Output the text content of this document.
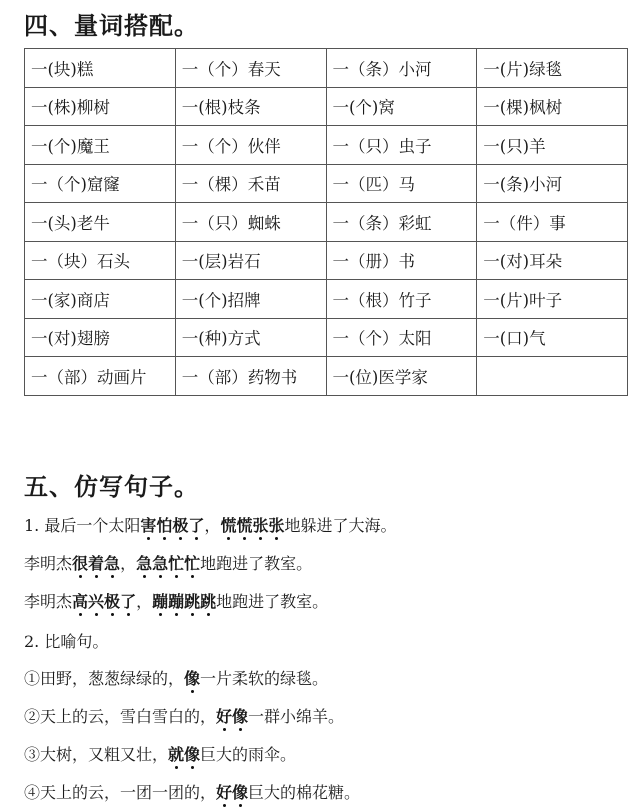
四、量词搭配。
一(块)糕	一（个）春天	一（条）小河	一(片)绿毯
一(株)柳树	一(根)枝条	一(个)窝	一(棵)枫树
一(个)魔王	一（个）伙伴	一（只）虫子	一(只)羊
一（个)窟窿	一（棵）禾苗	一（匹）马	一(条)小河
一(头)老牛	一（只）蜘蛛	一（条）彩虹	一（件）事
一（块）石头	一(层)岩石	一（册）书	一(对)耳朵
一(家)商店	一(个)招牌	一（根）竹子	一(片)叶子
一(对)翅膀	一(种)方式	一（个）太阳	一(口)气
一（部）动画片	一（部）药物书	一(位)医学家	
五、仿写句子。
1. 最后一个太阳害怕极了，慌慌张张地躲进了大海。
李明杰很着急，急急忙忙地跑进了教室。
李明杰高兴极了，蹦蹦跳跳地跑进了教室。
2. 比喻句。
①田野，葱葱绿绿的，像一片柔软的绿毯。
②天上的云，雪白雪白的，好像一群小绵羊。
③大树，又粗又壮，就像巨大的雨伞。
④天上的云，一团一团的，好像巨大的棉花糖。
